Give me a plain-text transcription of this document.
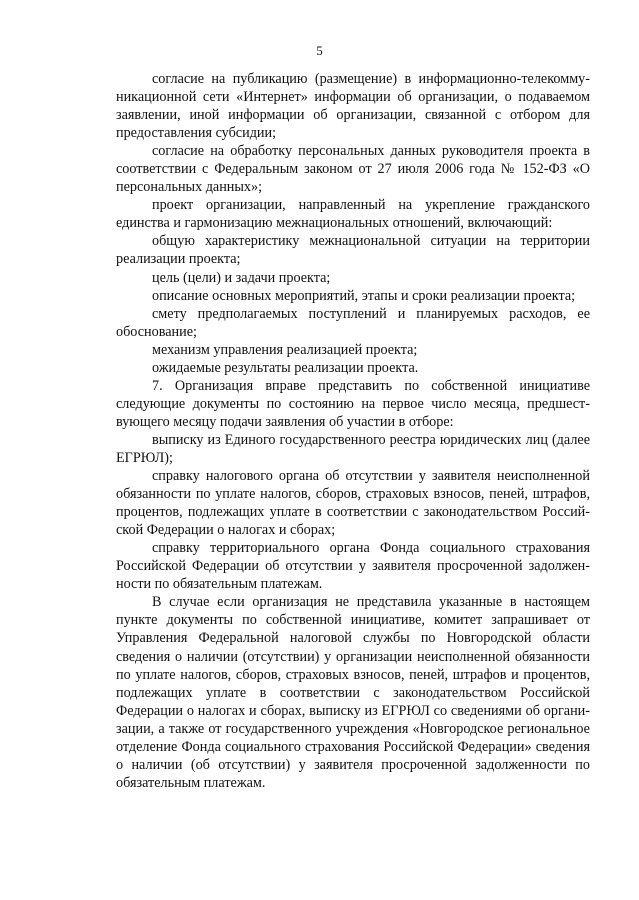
5

согласие на публикацию (размещение) в информационно-телекоммуникационной сети «Интернет» информации об организации, о подаваемом заявлении, иной информации об организации, связанной с отбором для предоставления субсидии;

согласие на обработку персональных данных руководителя проекта в соответствии с Федеральным законом от 27 июля 2006 года № 152-ФЗ «О персональных данных»;

проект организации, направленный на укрепление гражданского единства и гармонизацию межнациональных отношений, включающий:

общую характеристику межнациональной ситуации на территории реализации проекта;

цель (цели) и задачи проекта;

описание основных мероприятий, этапы и сроки реализации проекта;

смету предполагаемых поступлений и планируемых расходов, ее обоснование;

механизм управления реализацией проекта;

ожидаемые результаты реализации проекта.

7. Организация вправе представить по собственной инициативе следующие документы по состоянию на первое число месяца, предшествующего месяцу подачи заявления об участии в отборе:

выписку из Единого государственного реестра юридических лиц (далее ЕГРЮЛ);

справку налогового органа об отсутствии у заявителя неисполненной обязанности по уплате налогов, сборов, страховых взносов, пеней, штрафов, процентов, подлежащих уплате в соответствии с законодательством Российской Федерации о налогах и сборах;

справку территориального органа Фонда социального страхования Российской Федерации об отсутствии у заявителя просроченной задолженности по обязательным платежам.

В случае если организация не представила указанные в настоящем пункте документы по собственной инициативе, комитет запрашивает от Управления Федеральной налоговой службы по Новгородской области сведения о наличии (отсутствии) у организации неисполненной обязанности по уплате налогов, сборов, страховых взносов, пеней, штрафов и процентов, подлежащих уплате в соответствии с законодательством Российской Федерации о налогах и сборах, выписку из ЕГРЮЛ со сведениями об организации, а также от государственного учреждения «Новгородское региональное отделение Фонда социального страхования Российской Федерации» сведения о наличии (об отсутствии) у заявителя просроченной задолженности по обязательным платежам.
